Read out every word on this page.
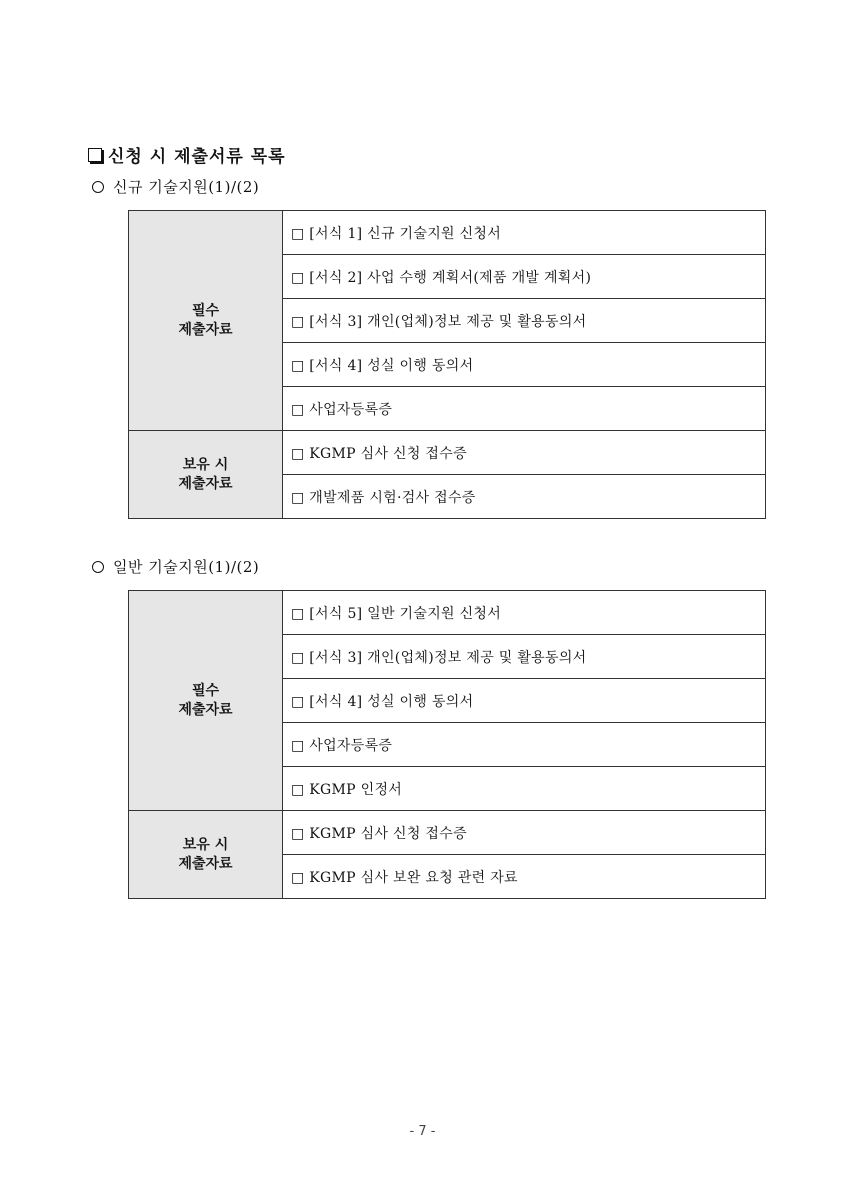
신청 시 제출서류 목록
신규 기술지원(1)/(2)
필수
제출자료	□ [서식 1] 신규 기술지원 신청서
	□ [서식 2] 사업 수행 계획서(제품 개발 계획서)
	□ [서식 3] 개인(업체)정보 제공 및 활용동의서
	□ [서식 4] 성실 이행 동의서
	□ 사업자등록증

보유 시
제출자료	□ KGMP 심사 신청 접수증
	□ 개발제품 시험·검사 접수증
일반 기술지원(1)/(2)
필수
제출자료	□ [서식 5] 일반 기술지원 신청서
	□ [서식 3] 개인(업체)정보 제공 및 활용동의서
	□ [서식 4] 성실 이행 동의서
	□ 사업자등록증
	□ KGMP 인정서

보유 시
제출자료	□ KGMP 심사 신청 접수증
	□ KGMP 심사 보완 요청 관련 자료
- 7 -
